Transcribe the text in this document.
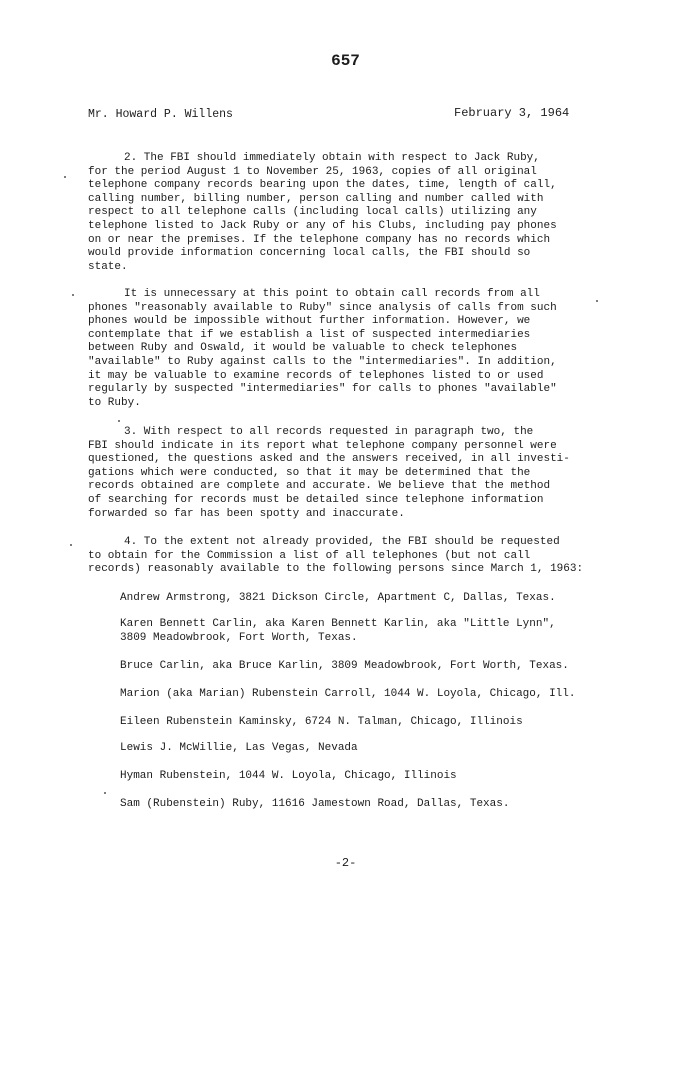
657
Mr. Howard P. Willens	February 3, 1964
2. The FBI should immediately obtain with respect to Jack Ruby,
for the period August 1 to November 25, 1963, copies of all original
telephone company records bearing upon the dates, time, length of call,
calling number, billing number, person calling and number called with
respect to all telephone calls (including local calls) utilizing any
telephone listed to Jack Ruby or any of his Clubs, including pay phones
on or near the premises. If the telephone company has no records which
would provide information concerning local calls, the FBI should so
state.
It is unnecessary at this point to obtain call records from all
phones "reasonably available to Ruby" since analysis of calls from such
phones would be impossible without further information. However, we
contemplate that if we establish a list of suspected intermediaries
between Ruby and Oswald, it would be valuable to check telephones
"available" to Ruby against calls to the "intermediaries". In addition,
it may be valuable to examine records of telephones listed to or used
regularly by suspected "intermediaries" for calls to phones "available"
to Ruby.
3. With respect to all records requested in paragraph two, the
FBI should indicate in its report what telephone company personnel were
questioned, the questions asked and the answers received, in all investi-
gations which were conducted, so that it may be determined that the
records obtained are complete and accurate. We believe that the method
of searching for records must be detailed since telephone information
forwarded so far has been spotty and inaccurate.
4. To the extent not already provided, the FBI should be requested
to obtain for the Commission a list of all telephones (but not call
records) reasonably available to the following persons since March 1, 1963:
Andrew Armstrong, 3821 Dickson Circle, Apartment C, Dallas, Texas.
Karen Bennett Carlin, aka Karen Bennett Karlin, aka "Little Lynn",
3809 Meadowbrook, Fort Worth, Texas.
Bruce Carlin, aka Bruce Karlin, 3809 Meadowbrook, Fort Worth, Texas.
Marion (aka Marian) Rubenstein Carroll, 1044 W. Loyola, Chicago, Ill.
Eileen Rubenstein Kaminsky, 6724 N. Talman, Chicago, Illinois
Lewis J. McWillie, Las Vegas, Nevada
Hyman Rubenstein, 1044 W. Loyola, Chicago, Illinois
Sam (Rubenstein) Ruby, 11616 Jamestown Road, Dallas, Texas.
-2-
